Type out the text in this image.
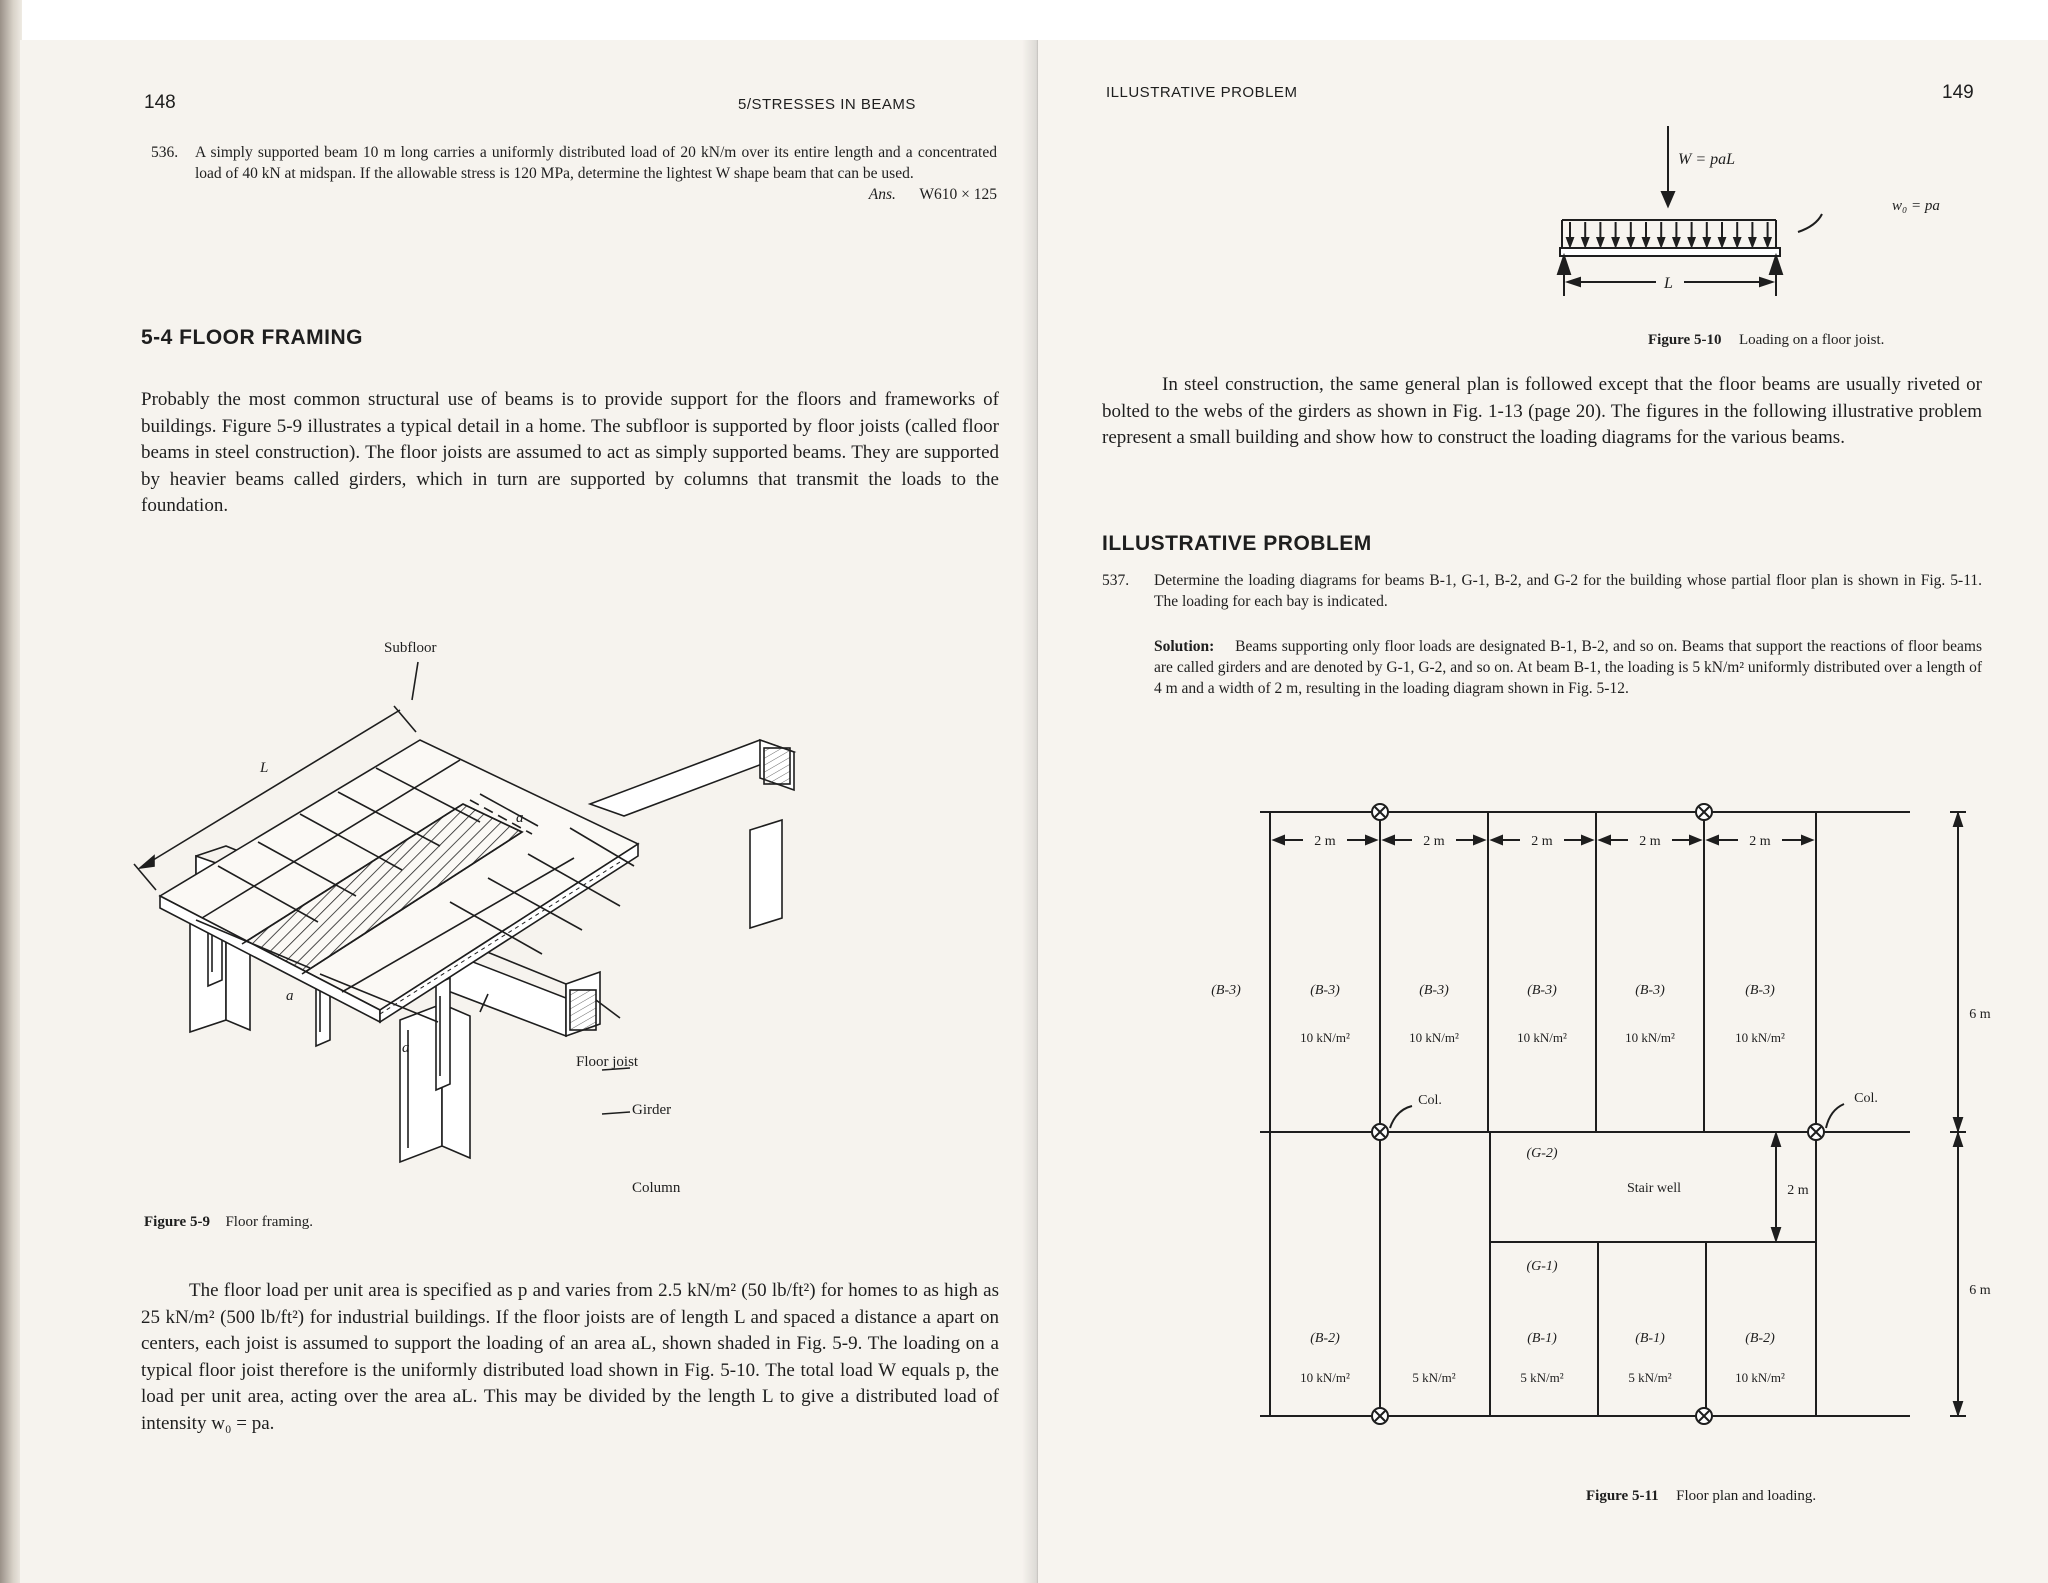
148	5/STRESSES IN BEAMS
536.	A simply supported beam 10 m long carries a uniformly distributed load of 20 kN/m over its entire length and a concentrated load of 40 kN at midspan. If the allowable stress is 120 MPa, determine the lightest W shape beam that can be used.
Ans. W610 × 125
5-4 FLOOR FRAMING
Probably the most common structural use of beams is to provide support for the floors and frameworks of buildings. Figure 5-9 illustrates a typical detail in a home. The subfloor is supported by floor joists (called floor beams in steel construction). The floor joists are assumed to act as simply supported beams. They are supported by heavier beams called girders, which in turn are supported by columns that transmit the loads to the foundation.
Subfloor
Floor joist
Girder
Column
L
a
a
a
Figure 5-9 Floor framing.
The floor load per unit area is specified as p and varies from 2.5 kN/m² (50 lb/ft²) for homes to as high as 25 kN/m² (500 lb/ft²) for industrial buildings. If the floor joists are of length L and spaced a distance a apart on centers, each joist is assumed to support the loading of an area aL, shown shaded in Fig. 5-9. The loading on a typical floor joist therefore is the uniformly distributed load shown in Fig. 5-10. The total load W equals p, the load per unit area, acting over the area aL. This may be divided by the length L to give a distributed load of intensity w₀ = pa.
ILLUSTRATIVE PROBLEM	149
W = paL
w₀ = pa
L
Figure 5-10 Loading on a floor joist.
In steel construction, the same general plan is followed except that the floor beams are usually riveted or bolted to the webs of the girders as shown in Fig. 1-13 (page 20). The figures in the following illustrative problem represent a small building and show how to construct the loading diagrams for the various beams.
ILLUSTRATIVE PROBLEM
537.	Determine the loading diagrams for beams B-1, G-1, B-2, and G-2 for the building whose partial floor plan is shown in Fig. 5-11. The loading for each bay is indicated.
Solution: Beams supporting only floor loads are designated B-1, B-2, and so on. Beams that support the reactions of floor beams are called girders and are denoted by G-1, G-2, and so on. At beam B-1, the loading is 5 kN/m² uniformly distributed over a length of 4 m and a width of 2 m, resulting in the loading diagram shown in Fig. 5-12.
2 m	2 m	2 m	2 m	2 m
(B-3)	(B-3)	(B-3)	(B-3)	(B-3)	(B-3)
10 kN/m²	10 kN/m²	10 kN/m²	10 kN/m²	10 kN/m²
Col.	Col.
(G-2)
Stair well	2 m
(G-1)
(B-2)	(B-1)	(B-1)	(B-2)
10 kN/m²	5 kN/m²	5 kN/m²	5 kN/m²	10 kN/m²
6 m
6 m
Figure 5-11 Floor plan and loading.
